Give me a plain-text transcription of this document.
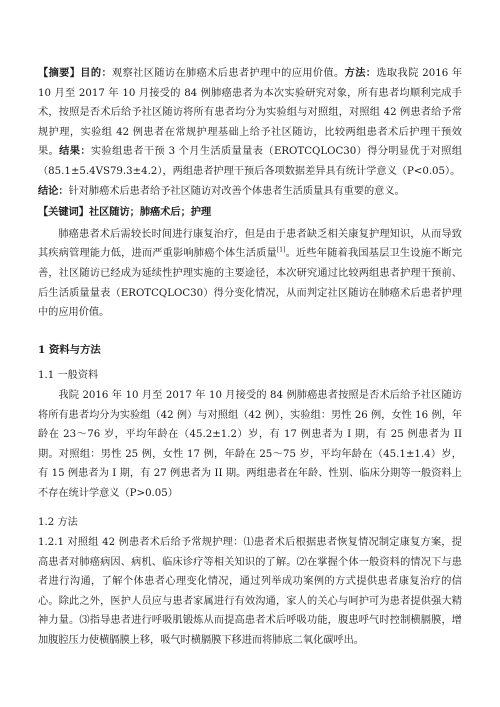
【摘要】目的：观察社区随访在肺癌术后患者护理中的应用价值。方法：选取我院 2016 年 10 月至 2017 年 10 月接受的 84 例肺癌患者为本次实验研究对象，所有患者均顺利完成手术，按照是否术后给予社区随访将所有患者均分为实验组与对照组，对照组 42 例患者给予常规护理，实验组 42 例患者在常规护理基础上给予社区随访，比较两组患者术后护理干预效果。结果：实验组患者干预 3 个月生活质量量表（EROTCQLOC30）得分明显优于对照组（85.1±5.4VS79.3±4.2），两组患者护理干预后各项数据差异具有统计学意义（P<0.05）。
结论：针对肺癌术后患者给予社区随访对改善个体患者生活质量具有重要的意义。

【关键词】社区随访；肺癌术后；护理

肺癌患者术后需较长时间进行康复治疗，但是由于患者缺乏相关康复护理知识，从而导致其疾病管理能力低，进而严重影响肺癌个体生活质量[1]。近些年随着我国基层卫生设施不断完善，社区随访已经成为延续性护理实施的主要途径，本次研究通过比较两组患者护理干预前、后生活质量量表（EROTCQLOC30）得分变化情况，从而判定社区随访在肺癌术后患者护理中的应用价值。

1 资料与方法

1.1 一般资料

我院 2016 年 10 月至 2017 年 10 月接受的 84 例肺癌患者按照是否术后给予社区随访将所有患者均分为实验组（42 例）与对照组（42 例），实验组：男性 26 例，女性 16 例，年龄在 23～76 岁，平均年龄在（45.2±1.2）岁，有 17 例患者为 I 期，有 25 例患者为 II 期。对照组：男性 25 例，女性 17 例，年龄在 25～75 岁，平均年龄在（45.1±1.4）岁，有 15 例患者为 I 期，有 27 例患者为 II 期。两组患者在年龄、性别、临床分期等一般资料上不存在统计学意义（P>0.05）

1.2 方法

1.2.1 对照组 42 例患者术后给予常规护理：⑴患者术后根据患者恢复情况制定康复方案，提高患者对肺癌病因、病机、临床诊疗等相关知识的了解。⑵在掌握个体一般资料的情况下与患者进行沟通，了解个体患者心理变化情况，通过列举成功案例的方式提供患者康复治疗的信心。除此之外，医护人员应与患者家属进行有效沟通，家人的关心与呵护可为患者提供强大精神力量。⑶指导患者进行呼吸肌锻炼从而提高患者术后呼吸功能，腹患呼气时控制横膈膜，增加腹腔压力使横膈膜上移，吸气时横膈膜下移进而将肺底二氧化碳呼出。
